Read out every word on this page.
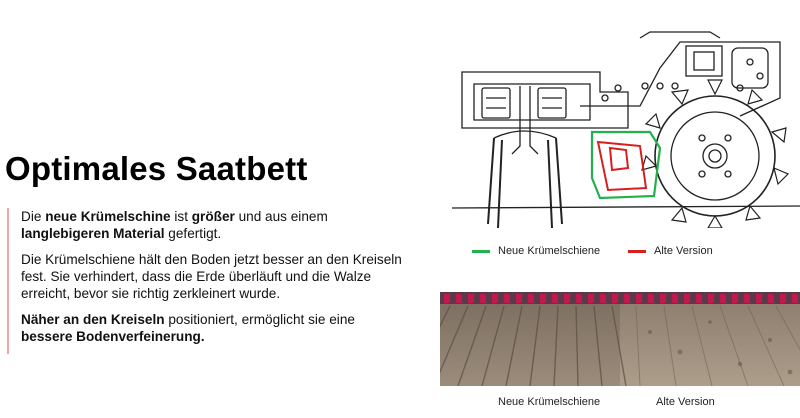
Optimales Saatbett

Die neue Krümelschine ist größer und aus einem langlebigeren Material gefertigt.

Die Krümelschiene hält den Boden jetzt besser an den Kreiseln fest. Sie verhindert, dass die Erde überläuft und die Walze erreicht, bevor sie richtig zerkleinert wurde.

Näher an den Kreiseln positioniert, ermöglicht sie eine bessere Bodenverfeinerung.

Neue Krümelschiene	Alte Version
Neue Krümelschiene	Alte Version
